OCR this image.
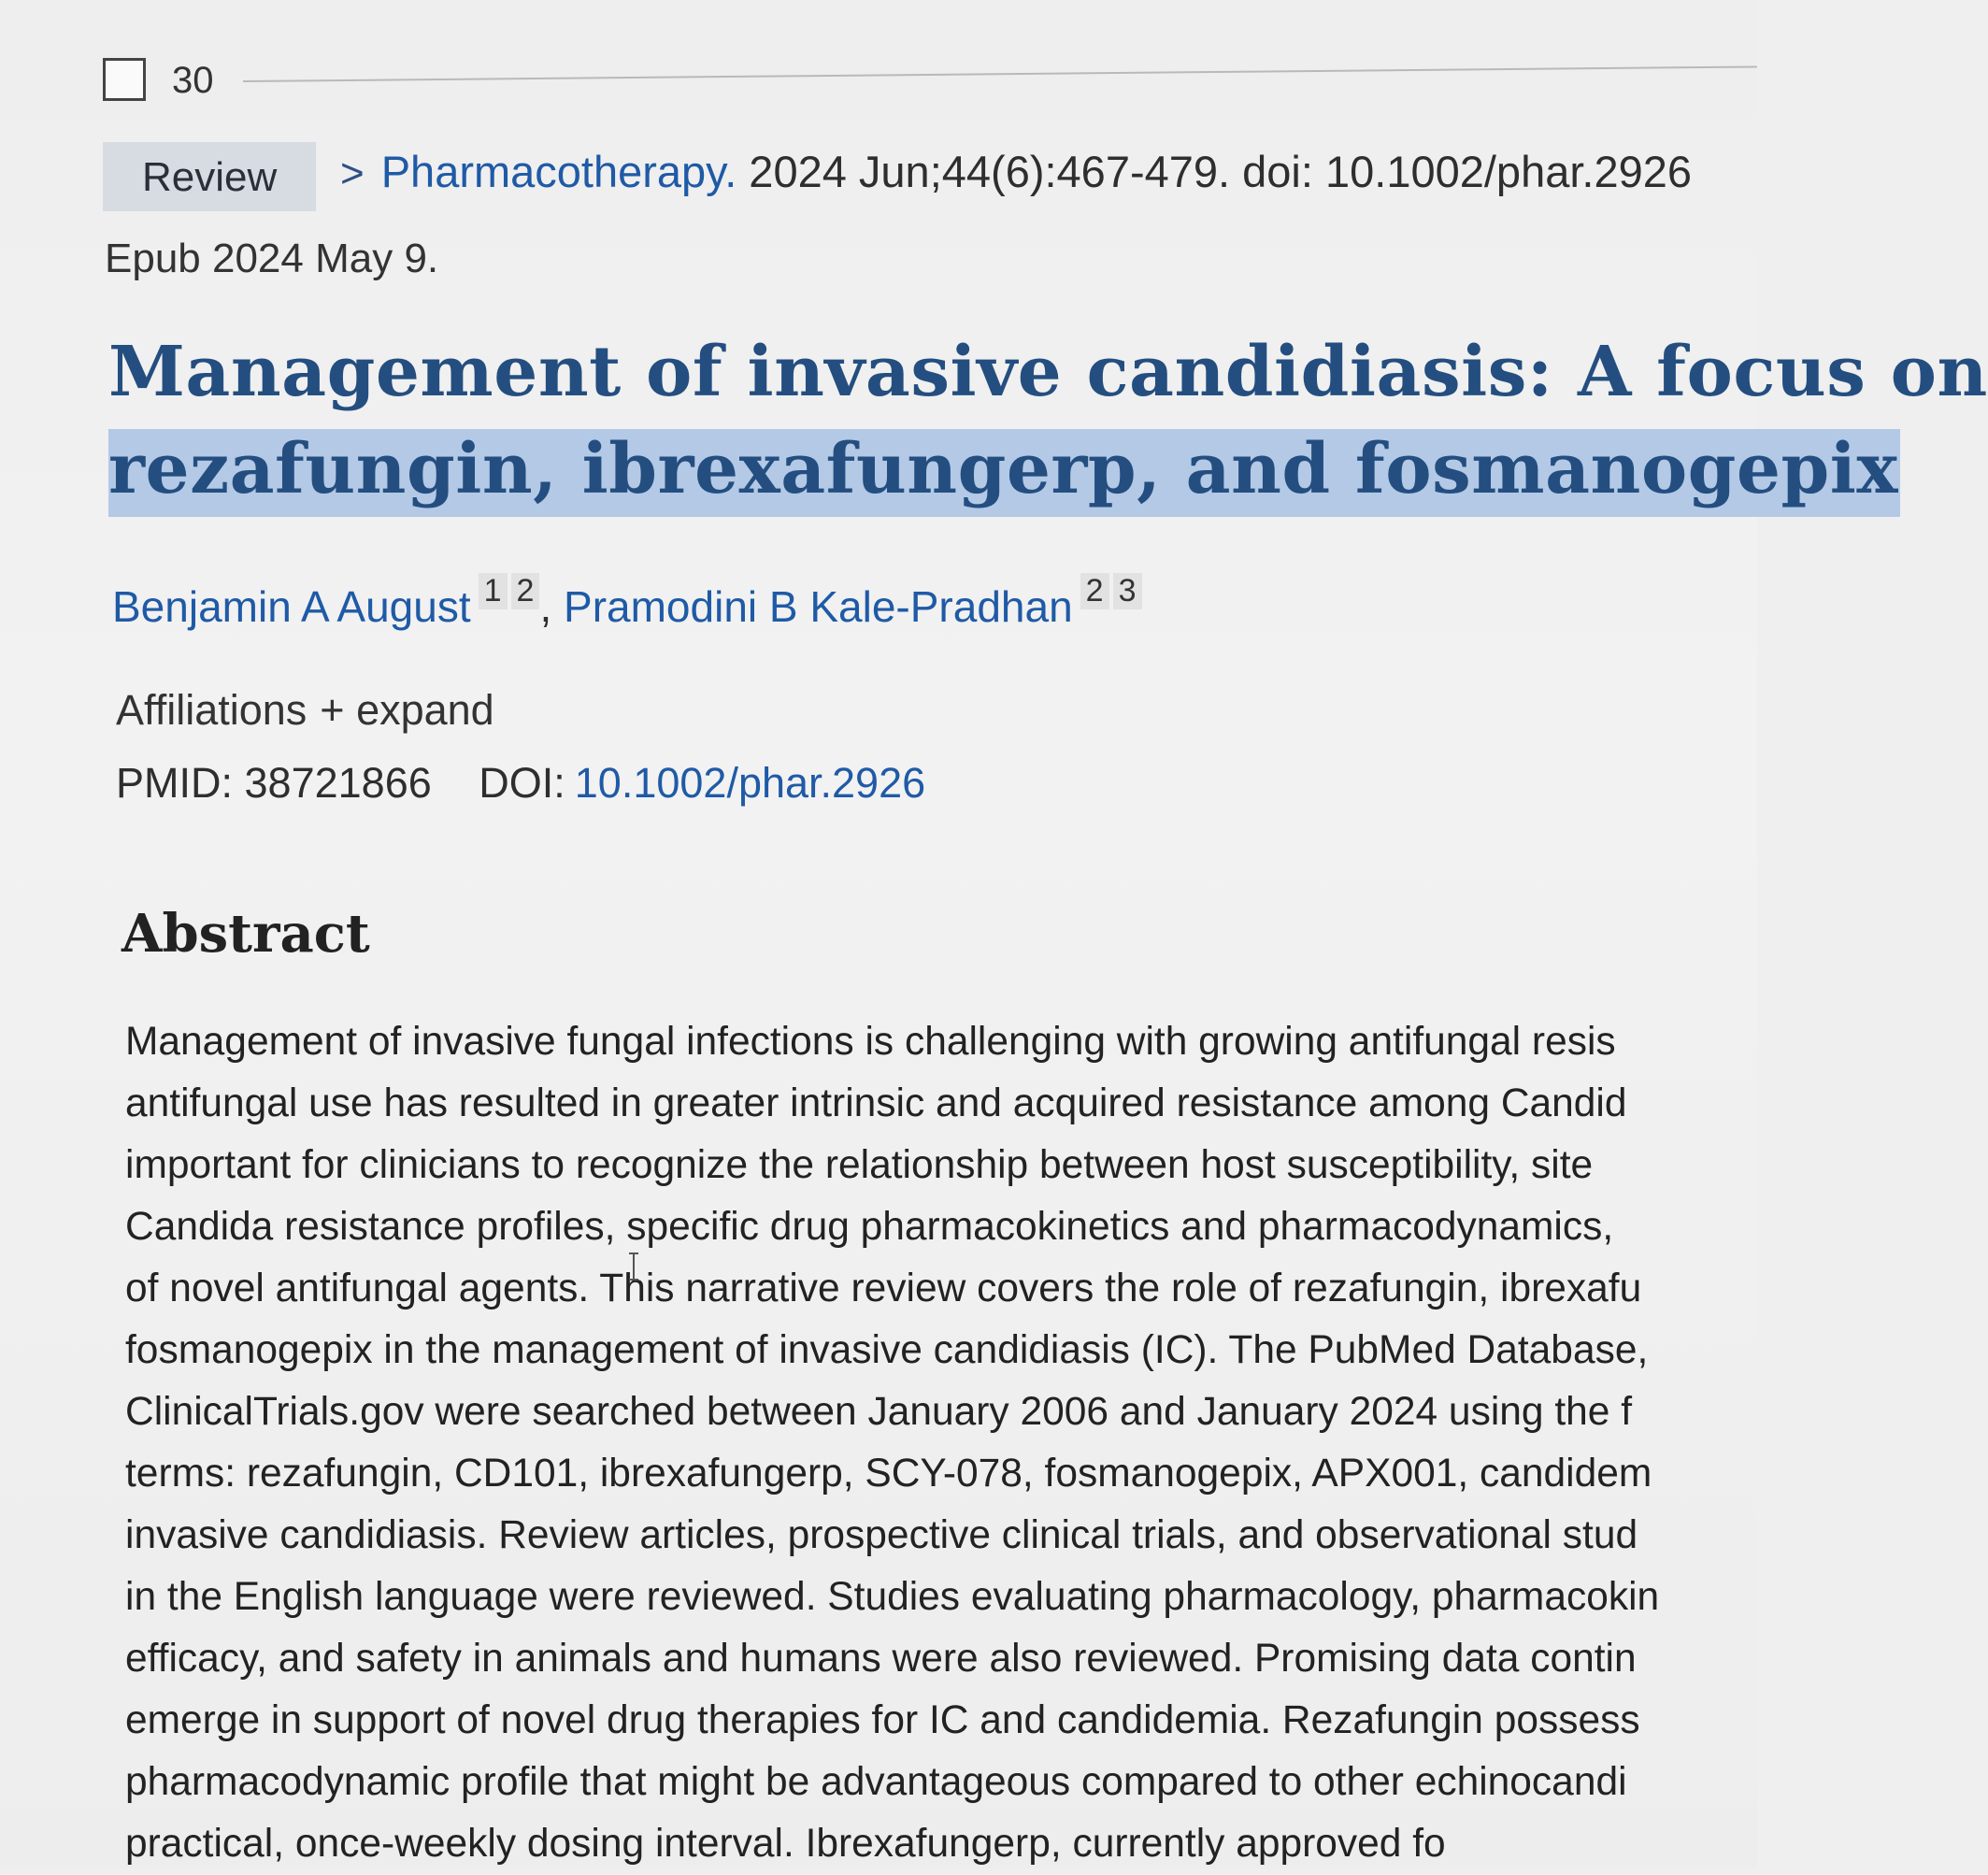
30
Review > Pharmacotherapy. 2024 Jun;44(6):467-479. doi: 10.1002/phar.2926
Epub 2024 May 9.
Management of invasive candidiasis: A focus on
rezafungin, ibrexafungerp, and fosmanogepix
Benjamin A August 1 2 , Pramodini B Kale-Pradhan 2 3
Affiliations + expand
PMID: 38721866 DOI: 10.1002/phar.2926
Abstract
Management of invasive fungal infections is challenging with growing antifungal resis
antifungal use has resulted in greater intrinsic and acquired resistance among Candid
important for clinicians to recognize the relationship between host susceptibility, site
Candida resistance profiles, specific drug pharmacokinetics and pharmacodynamics,
of novel antifungal agents. This narrative review covers the role of rezafungin, ibrexafu
fosmanogepix in the management of invasive candidiasis (IC). The PubMed Database,
ClinicalTrials.gov were searched between January 2006 and January 2024 using the f
terms: rezafungin, CD101, ibrexafungerp, SCY-078, fosmanogepix, APX001, candidem
invasive candidiasis. Review articles, prospective clinical trials, and observational stud
in the English language were reviewed. Studies evaluating pharmacology, pharmacokin
efficacy, and safety in animals and humans were also reviewed. Promising data contin
emerge in support of novel drug therapies for IC and candidemia. Rezafungin possess
pharmacodynamic profile that might be advantageous compared to other echinocandi
practical, once-weekly dosing interval. Ibrexafungerp, currently approved fo
